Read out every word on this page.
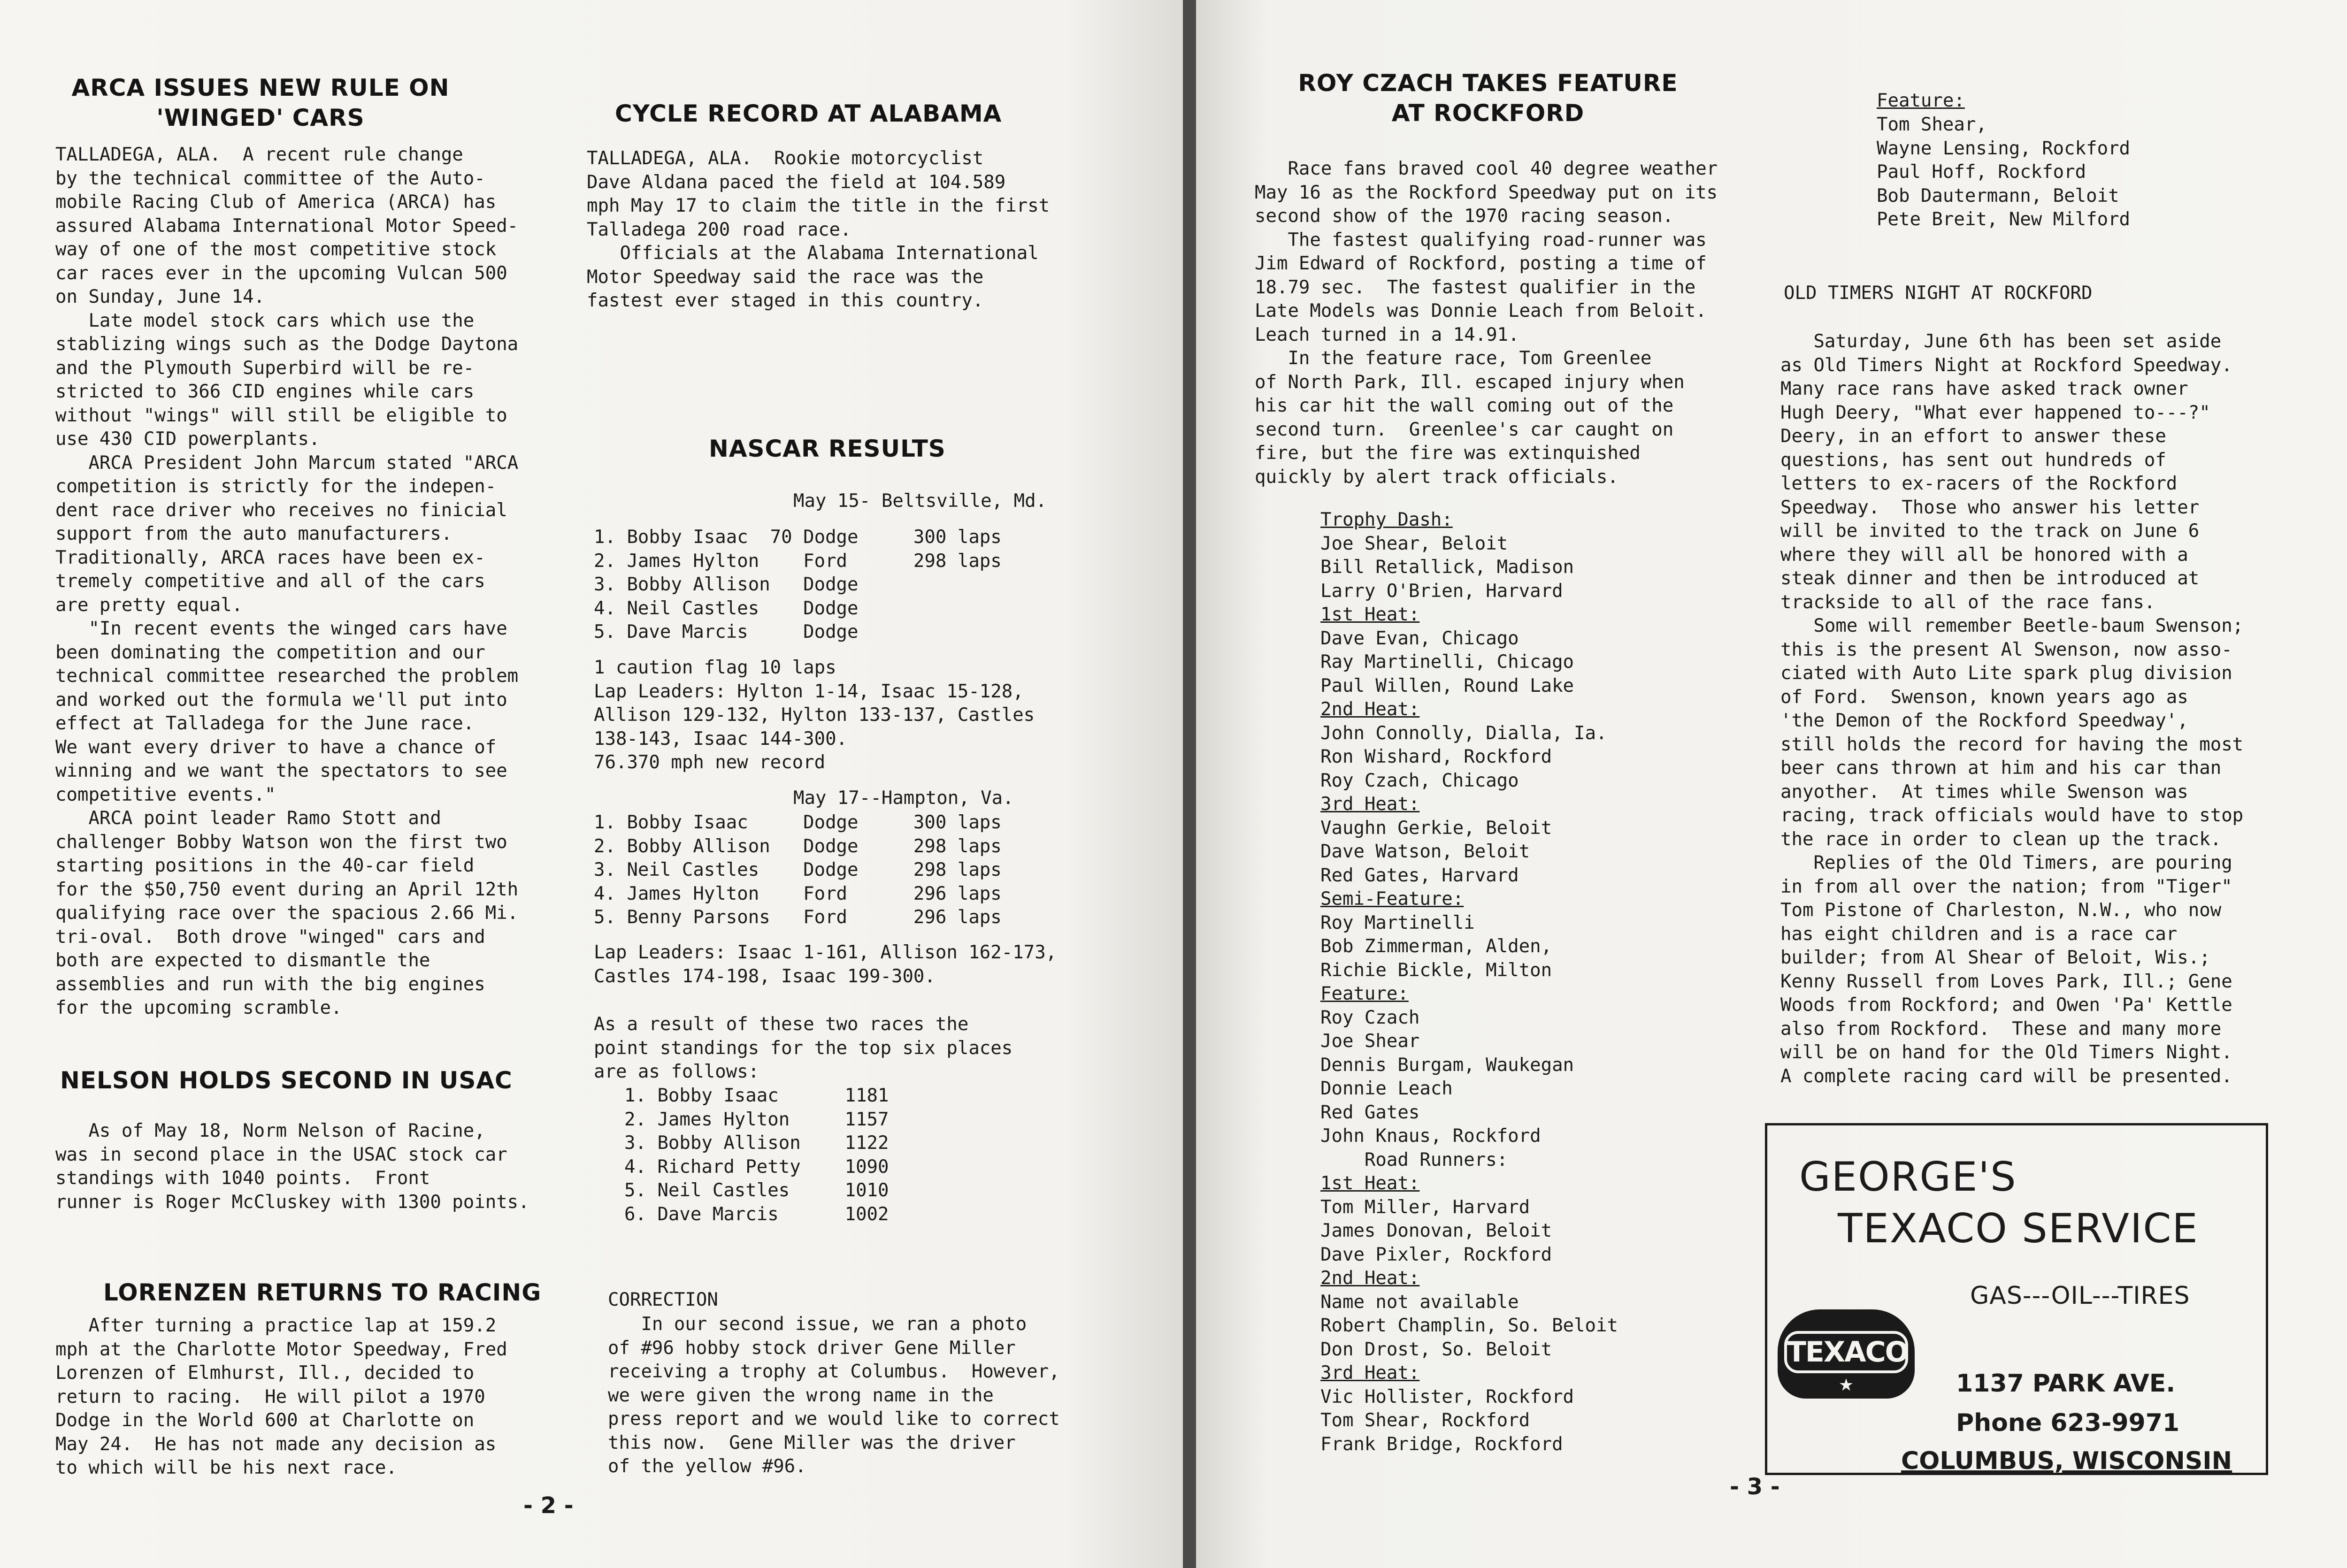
ARCA ISSUES NEW RULE ON
'WINGED' CARS

TALLADEGA, ALA.  A recent rule change

by the technical committee of the Auto-

mobile Racing Club of America (ARCA) has

assured Alabama International Motor Speed-

way of one of the most competitive stock

car races ever in the upcoming Vulcan 500

on Sunday, June 14.

Late model stock cars which use the

stablizing wings such as the Dodge Daytona

and the Plymouth Superbird will be re-

stricted to 366 CID engines while cars

without "wings" will still be eligible to

use 430 CID powerplants.

ARCA President John Marcum stated "ARCA

competition is strictly for the indepen-

dent race driver who receives no finicial

support from the auto manufacturers.

Traditionally, ARCA races have been ex-

tremely competitive and all of the cars

are pretty equal.

"In recent events the winged cars have

been dominating the competition and our

technical committee researched the problem

and worked out the formula we'll put into

effect at Talladega for the June race.

We want every driver to have a chance of

winning and we want the spectators to see

competitive events."

ARCA point leader Ramo Stott and

challenger Bobby Watson won the first two

starting positions in the 40-car field

for the $50,750 event during an April 12th

qualifying race over the spacious 2.66 Mi.

tri-oval.  Both drove "winged" cars and

both are expected to dismantle the

assemblies and run with the big engines

for the upcoming scramble.

NELSON HOLDS SECOND IN USAC

As of May 18, Norm Nelson of Racine,

was in second place in the USAC stock car

standings with 1040 points.  Front

runner is Roger McCluskey with 1300 points.

LORENZEN RETURNS TO RACING

After turning a practice lap at 159.2

mph at the Charlotte Motor Speedway, Fred

Lorenzen of Elmhurst, Ill., decided to

return to racing.  He will pilot a 1970

Dodge in the World 600 at Charlotte on

May 24.  He has not made any decision as

to which will be his next race.

CYCLE RECORD AT ALABAMA

TALLADEGA, ALA.  Rookie motorcyclist

Dave Aldana paced the field at 104.589

mph May 17 to claim the title in the first

Talladega 200 road race.

Officials at the Alabama International

Motor Speedway said the race was the

fastest ever staged in this country.

NASCAR RESULTS
May 15- Beltsville, Md.

1. Bobby Isaac  70 Dodge     300 laps

2. James Hylton    Ford      298 laps

3. Bobby Allison   Dodge

4. Neil Castles    Dodge

5. Dave Marcis     Dodge

1 caution flag 10 laps

Lap Leaders: Hylton 1-14, Isaac 15-128,

Allison 129-132, Hylton 133-137, Castles

138-143, Isaac 144-300.

76.370 mph new record

May 17--Hampton, Va.

1. Bobby Isaac     Dodge     300 laps

2. Bobby Allison   Dodge     298 laps

3. Neil Castles    Dodge     298 laps

4. James Hylton    Ford      296 laps

5. Benny Parsons   Ford      296 laps

Lap Leaders: Isaac 1-161, Allison 162-173,

Castles 174-198, Isaac 199-300.

As a result of these two races the

point standings for the top six places

are as follows:

1. Bobby Isaac      1181

2. James Hylton     1157

3. Bobby Allison    1122

4. Richard Petty    1090

5. Neil Castles     1010

6. Dave Marcis      1002

CORRECTION

In our second issue, we ran a photo

of #96 hobby stock driver Gene Miller

receiving a trophy at Columbus.  However,

we were given the wrong name in the

press report and we would like to correct

this now.  Gene Miller was the driver

of the yellow #96.

- 2 -
ROY CZACH TAKES FEATURE
AT ROCKFORD

Race fans braved cool 40 degree weather

May 16 as the Rockford Speedway put on its

second show of the 1970 racing season.

The fastest qualifying road-runner was

Jim Edward of Rockford, posting a time of

18.79 sec.  The fastest qualifier in the

Late Models was Donnie Leach from Beloit.

Leach turned in a 14.91.

In the feature race, Tom Greenlee

of North Park, Ill. escaped injury when

his car hit the wall coming out of the

second turn.  Greenlee's car caught on

fire, but the fire was extinquished

quickly by alert track officials.

Trophy Dash:

Joe Shear, Beloit

Bill Retallick, Madison

Larry O'Brien, Harvard

1st Heat:

Dave Evan, Chicago

Ray Martinelli, Chicago

Paul Willen, Round Lake

2nd Heat:

John Connolly, Dialla, Ia.

Ron Wishard, Rockford

Roy Czach, Chicago

3rd Heat:

Vaughn Gerkie, Beloit

Dave Watson, Beloit

Red Gates, Harvard

Semi-Feature:

Roy Martinelli

Bob Zimmerman, Alden,

Richie Bickle, Milton

Feature:

Roy Czach

Joe Shear

Dennis Burgam, Waukegan

Donnie Leach

Red Gates

John Knaus, Rockford

Road Runners:

1st Heat:

Tom Miller, Harvard

James Donovan, Beloit

Dave Pixler, Rockford

2nd Heat:

Name not available

Robert Champlin, So. Beloit

Don Drost, So. Beloit

3rd Heat:

Vic Hollister, Rockford

Tom Shear, Rockford

Frank Bridge, Rockford

Feature:

Tom Shear,

Wayne Lensing, Rockford

Paul Hoff, Rockford

Bob Dautermann, Beloit

Pete Breit, New Milford

OLD TIMERS NIGHT AT ROCKFORD

Saturday, June 6th has been set aside

as Old Timers Night at Rockford Speedway.

Many race rans have asked track owner

Hugh Deery, "What ever happened to---?"

Deery, in an effort to answer these

questions, has sent out hundreds of

letters to ex-racers of the Rockford

Speedway.  Those who answer his letter

will be invited to the track on June 6

where they will all be honored with a

steak dinner and then be introduced at

trackside to all of the race fans.

Some will remember Beetle-baum Swenson;

this is the present Al Swenson, now asso-

ciated with Auto Lite spark plug division

of Ford.  Swenson, known years ago as

'the Demon of the Rockford Speedway',

still holds the record for having the most

beer cans thrown at him and his car than

anyother.  At times while Swenson was

racing, track officials would have to stop

the race in order to clean up the track.

Replies of the Old Timers, are pouring

in from all over the nation; from "Tiger"

Tom Pistone of Charleston, N.W., who now

has eight children and is a race car

builder; from Al Shear of Beloit, Wis.;

Kenny Russell from Loves Park, Ill.; Gene

Woods from Rockford; and Owen 'Pa' Kettle

also from Rockford.  These and many more

will be on hand for the Old Timers Night.

A complete racing card will be presented.

GEORGE'S
TEXACO SERVICE
GAS---OIL---TIRES
TEXACO
★	1137 PARK AVE.
Phone 623-9971
COLUMBUS, WISCONSIN
- 3 -
